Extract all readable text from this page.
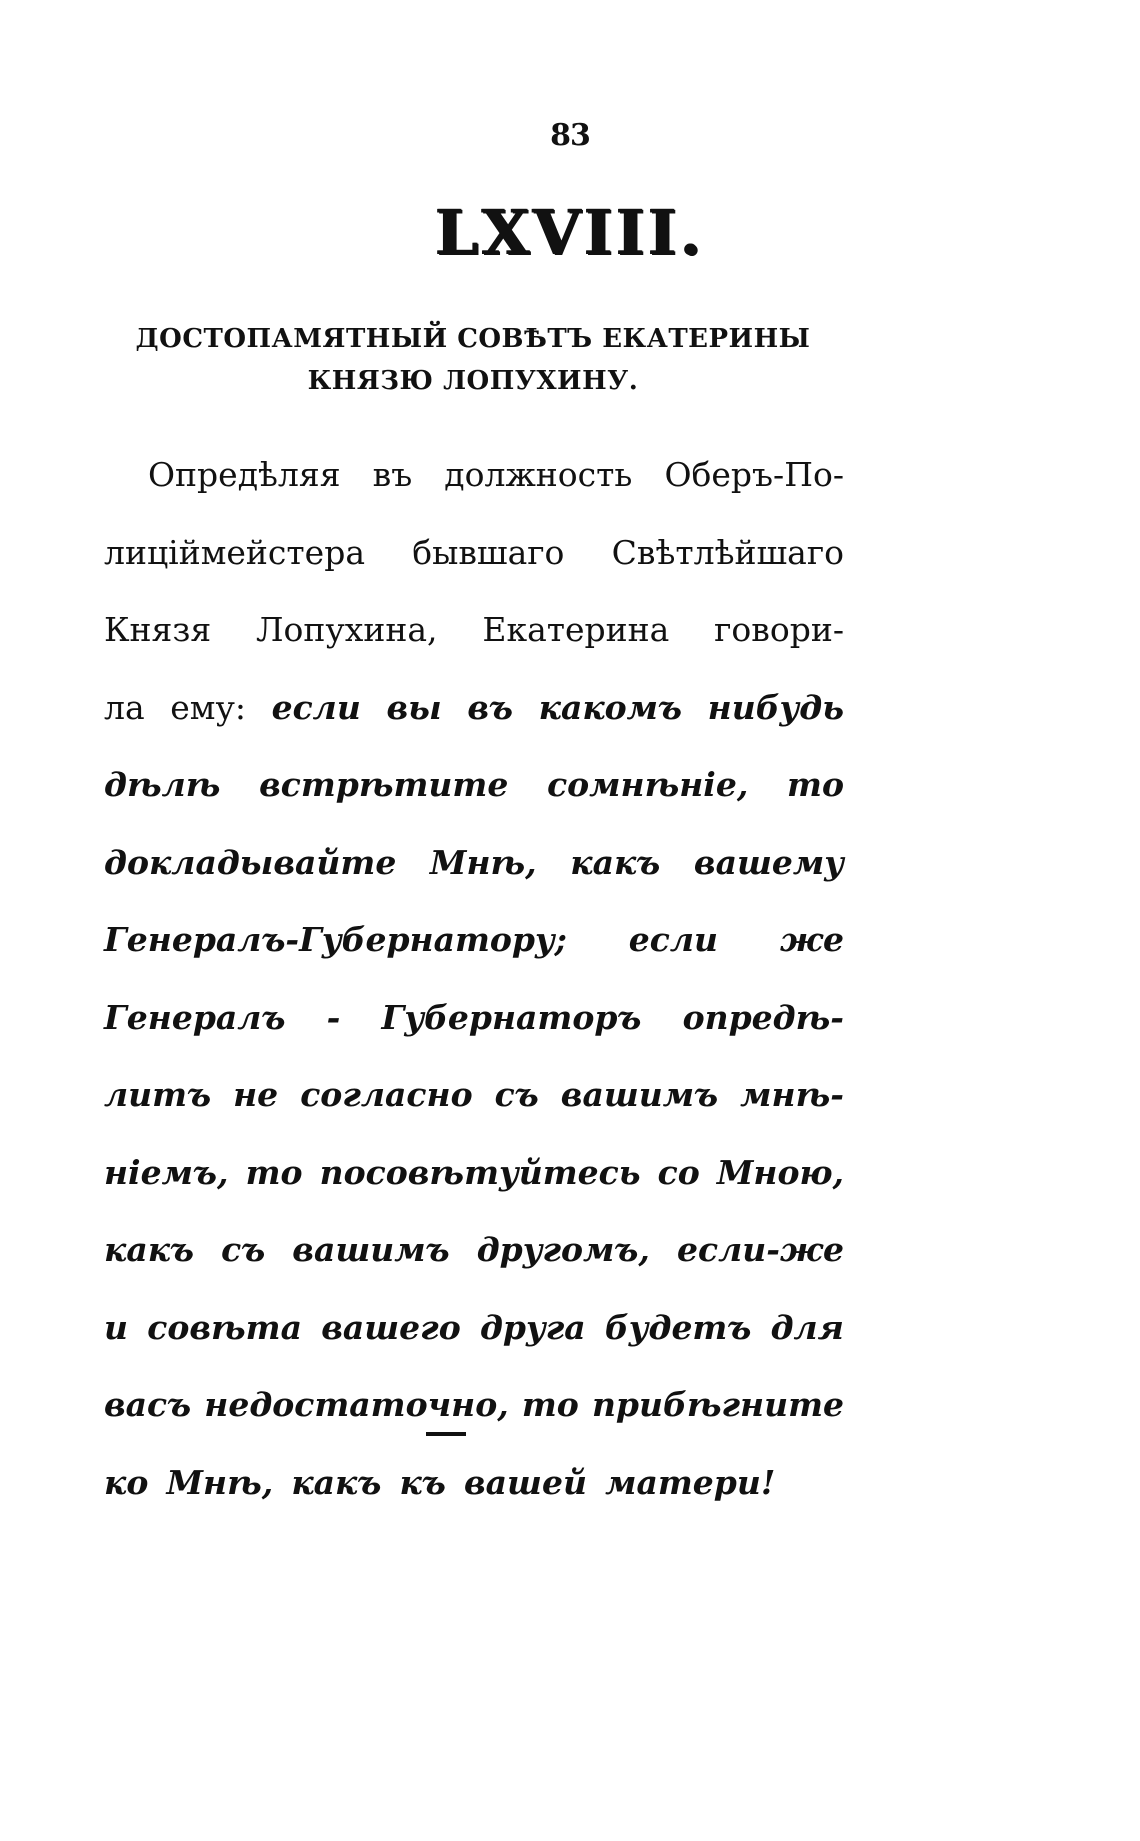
83
LXVIII.
ДОСТОПАМЯТНЫЙ СОВѢТЪ ЕКАТЕРИНЫ
КНЯЗЮ ЛОПУХИНУ.
Опредѣляя въ должность Оберъ-По-
лицiймейстера бывшаго Свѣтлѣйшаго
Князя Лопухина, Екатерина говори-
ла ему: если вы въ какомъ нибудь
дѣлѣ встрѣтите сомнѣнiе, то
докладывайте Мнѣ, какъ вашему
Генералъ-Губернатору; если же
Генералъ - Губернаторъ опредѣ-
литъ не согласно съ вашимъ мнѣ-
нiемъ, то посовѣтуйтесь со Мною,
какъ съ вашимъ другомъ, если-же
и совѣта вашего друга будетъ для
васъ недостаточно, то прибѣгните
ко Мнѣ, какъ къ вашей матери!
